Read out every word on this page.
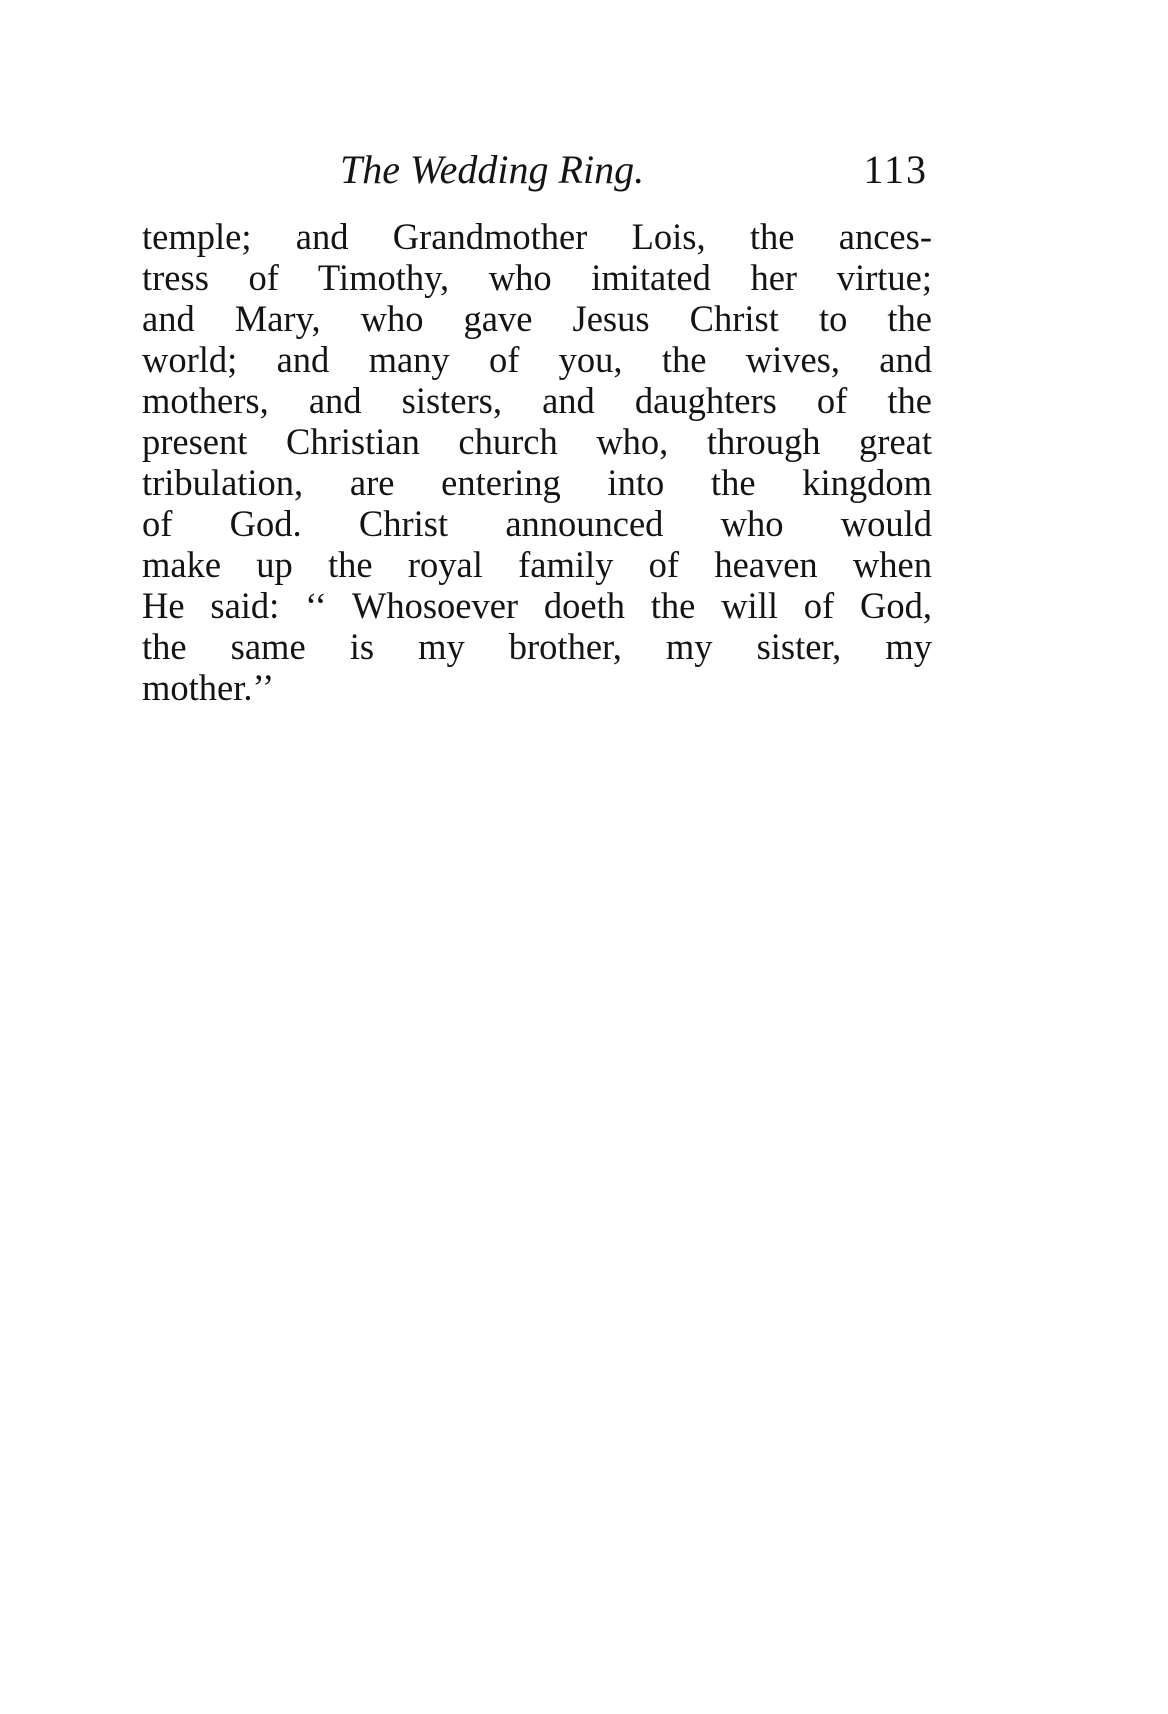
The Wedding Ring.	113
temple; and Grandmother Lois, the ances-
tress of Timothy, who imitated her virtue;
and Mary, who gave Jesus Christ to the
world; and many of you, the wives, and
mothers, and sisters, and daughters of the
present Christian church who, through great
tribulation, are entering into the kingdom
of God. Christ announced who would
make up the royal family of heaven when
He said: ‘‘ Whosoever doeth the will of God,
the same is my brother, my sister, my
mother.’’
